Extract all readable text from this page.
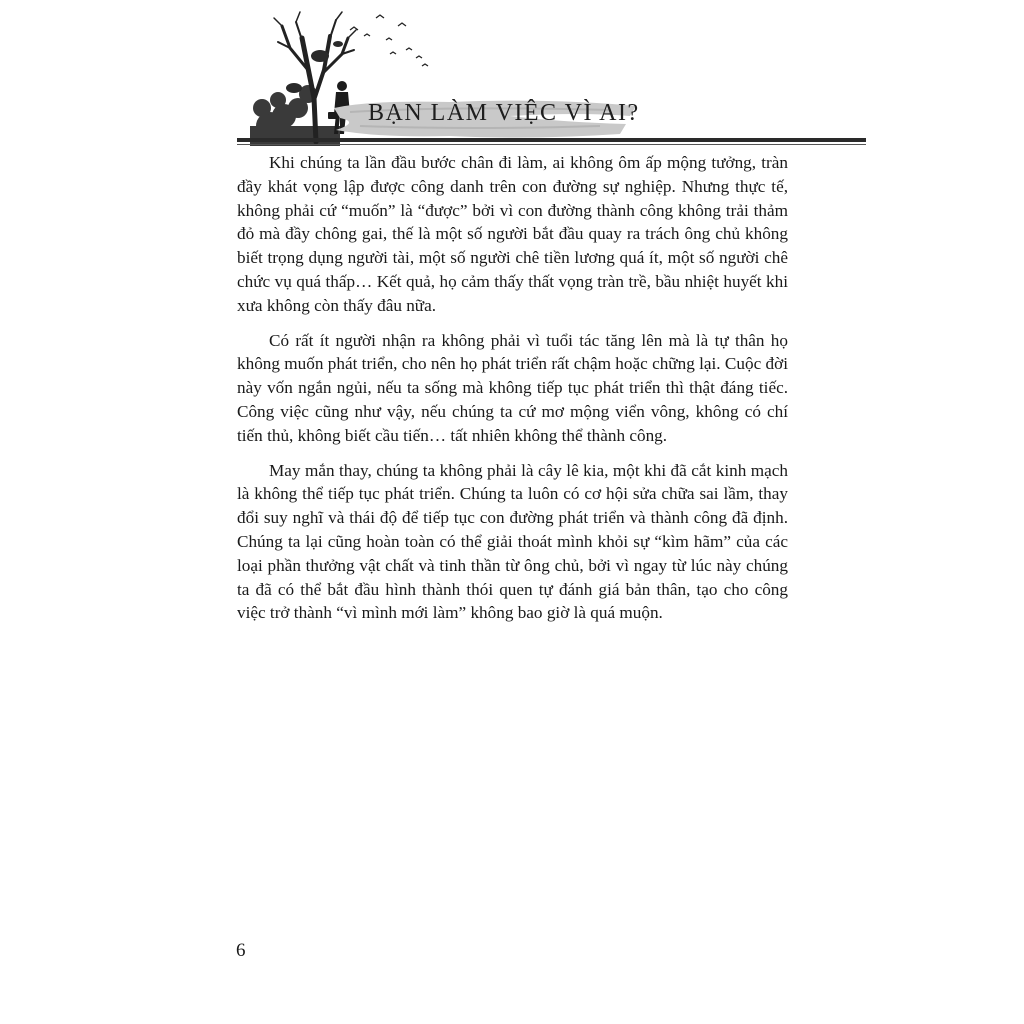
BẠN LÀM VIỆC VÌ AI?

Khi chúng ta lần đầu bước chân đi làm, ai không ôm ấp mộng tưởng, tràn đầy khát vọng lập được công danh trên con đường sự nghiệp. Nhưng thực tế, không phải cứ “muốn” là “được” bởi vì con đường thành công không trải thảm đỏ mà đầy chông gai, thế là một số người bắt đầu quay ra trách ông chủ không biết trọng dụng người tài, một số người chê tiền lương quá ít, một số người chê chức vụ quá thấp… Kết quả, họ cảm thấy thất vọng tràn trề, bầu nhiệt huyết khi xưa không còn thấy đâu nữa.

Có rất ít người nhận ra không phải vì tuổi tác tăng lên mà là tự thân họ không muốn phát triển, cho nên họ phát triển rất chậm hoặc chững lại. Cuộc đời này vốn ngắn ngủi, nếu ta sống mà không tiếp tục phát triển thì thật đáng tiếc. Công việc cũng như vậy, nếu chúng ta cứ mơ mộng viển vông, không có chí tiến thủ, không biết cầu tiến… tất nhiên không thể thành công.

May mắn thay, chúng ta không phải là cây lê kia, một khi đã cắt kinh mạch là không thể tiếp tục phát triển. Chúng ta luôn có cơ hội sửa chữa sai lầm, thay đổi suy nghĩ và thái độ để tiếp tục con đường phát triển và thành công đã định. Chúng ta lại cũng hoàn toàn có thể giải thoát mình khỏi sự “kìm hãm” của các loại phần thưởng vật chất và tinh thần từ ông chủ, bởi vì ngay từ lúc này chúng ta đã có thể bắt đầu hình thành thói quen tự đánh giá bản thân, tạo cho công việc trở thành “vì mình mới làm” không bao giờ là quá muộn.

6
